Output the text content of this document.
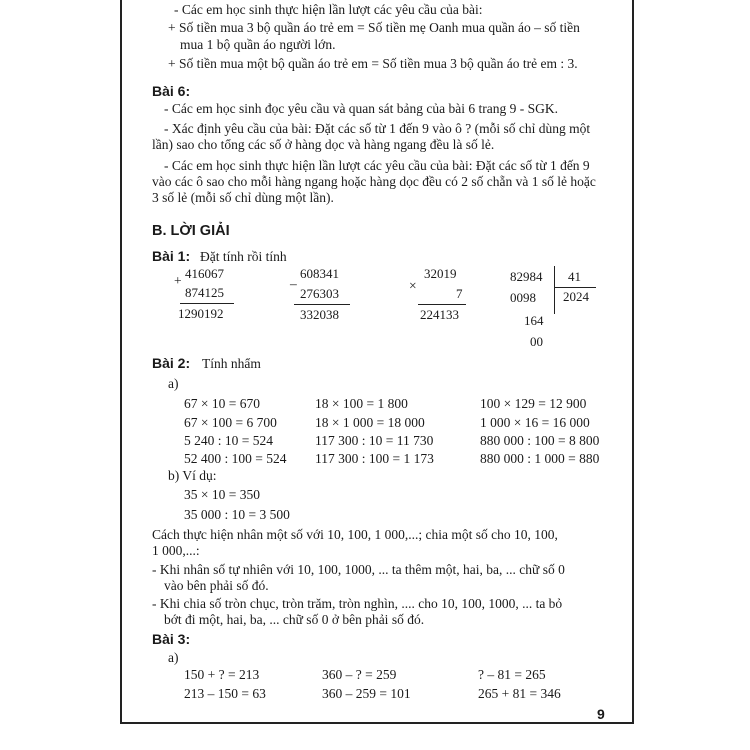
- Các em học sinh thực hiện lần lượt các yêu cầu của bài:
+ Số tiền mua 3 bộ quần áo trẻ em = Số tiền mẹ Oanh mua quần áo – số tiền
mua 1 bộ quần áo người lớn.
+ Số tiền mua một bộ quần áo trẻ em = Số tiền mua 3 bộ quần áo trẻ em : 3.
Bài 6:
- Các em học sinh đọc yêu cầu và quan sát bảng của bài 6 trang 9 - SGK.
- Xác định yêu cầu của bài: Đặt các số từ 1 đến 9 vào ô ? (mỗi số chỉ dùng một
lần) sao cho tổng các số ở hàng dọc và hàng ngang đều là số lẻ.
- Các em học sinh thực hiện lần lượt các yêu cầu của bài: Đặt các số từ 1 đến 9
vào các ô sao cho mỗi hàng ngang hoặc hàng dọc đều có 2 số chẵn và 1 số lẻ hoặc
3 số lẻ (mỗi số chỉ dùng một lần).
B. LỜI GIẢI
Bài 1: Đặt tính rồi tính
+ 416067
874125
1290192
–
608341
276303
332038
×
32019
7
224133
82984 41
0098 2024
164
00
Bài 2: Tính nhẩm
a)
67 × 10 = 670	18 × 100 = 1 800	100 × 129 = 12 900
67 × 100 = 6 700	18 × 1 000 = 18 000	1 000 × 16 = 16 000
5 240 : 10 = 524	117 300 : 10 = 11 730	880 000 : 100 = 8 800
52 400 : 100 = 524 117 300 : 100 = 1 173	880 000 : 1 000 = 880
b) Ví dụ:
35 × 10 = 350
35 000 : 10 = 3 500
Cách thực hiện nhân một số với 10, 100, 1 000,...; chia một số cho 10, 100,
1 000,...:
- Khi nhân số tự nhiên với 10, 100, 1000, ... ta thêm một, hai, ba, ... chữ số 0
vào bên phải số đó.
- Khi chia số tròn chục, tròn trăm, tròn nghìn, .... cho 10, 100, 1000, ... ta bỏ
bớt đi một, hai, ba, ... chữ số 0 ở bên phải số đó.
Bài 3:
a)
150 + ? = 213	360 – ? = 259	? – 81 = 265
213 – 150 = 63	360 – 259 = 101	265 + 81 = 346
9
